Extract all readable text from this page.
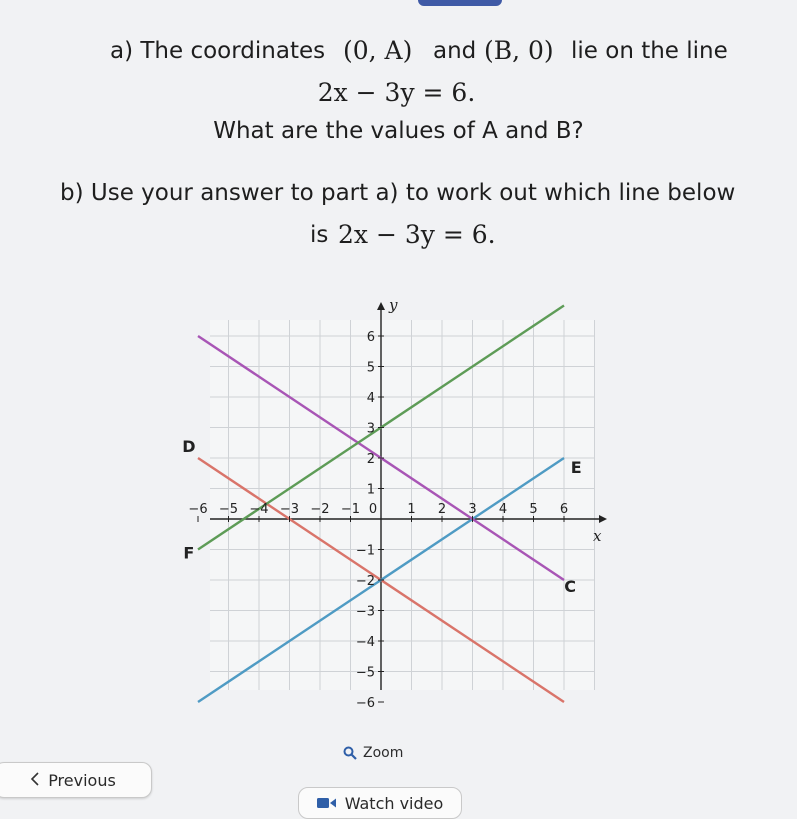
a) The coordinates (0, A) and (B, 0) lie on the line
2x − 3y = 6.
What are the values of A and B?
b) Use your answer to part a) to work out which line below
is 2x − 3y = 6.
−6 −5 −4 −3 −2 −1 0 1 2 3 4 5 6
−6
−5
−4
−3
−2
−1
1
2
3
4
5
6
x
y
D
E
C
F
Zoom
Previous
Watch video
